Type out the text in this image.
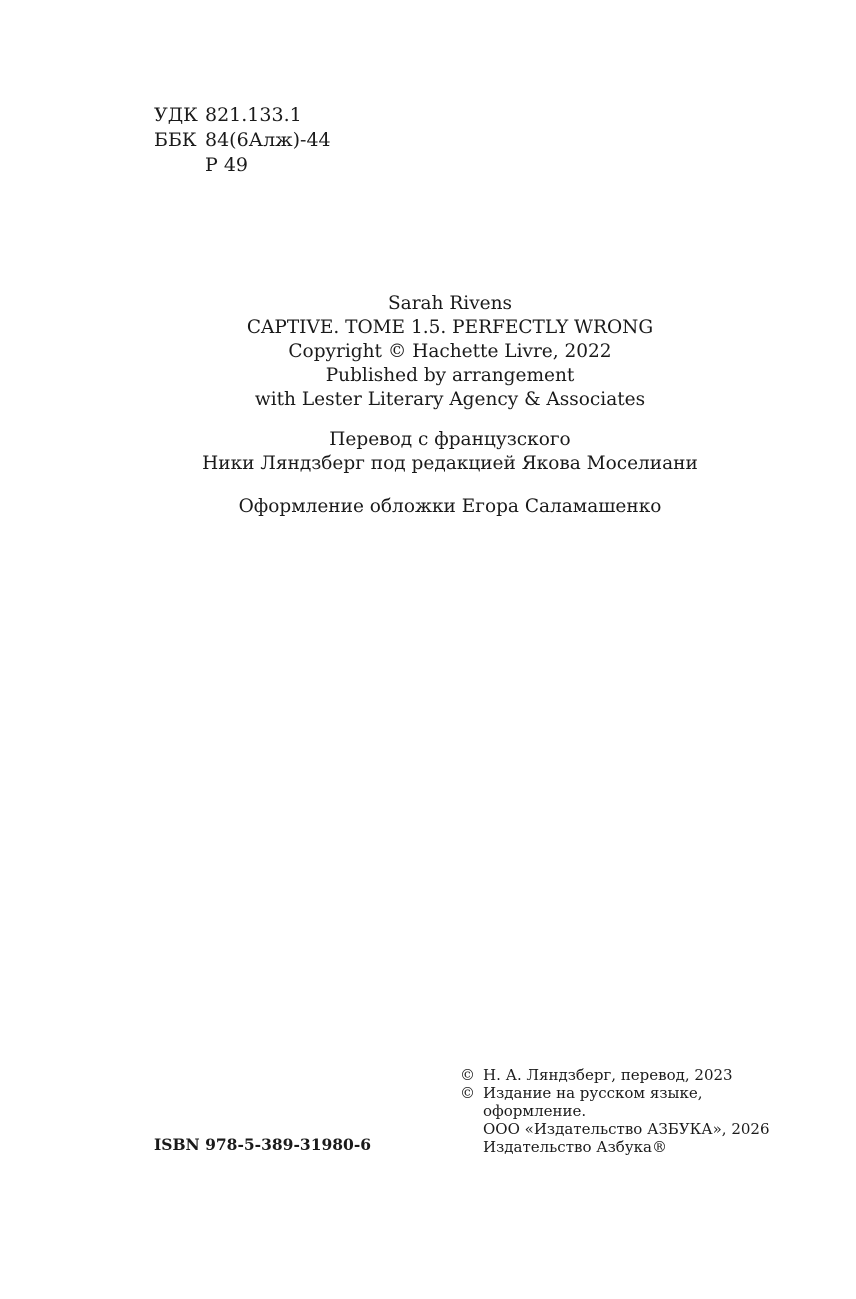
УДК 821.133.1
ББК 84(6Алж)-44
Р 49
Sarah Rivens
CAPTIVE. TOME 1.5. PERFECTLY WRONG
Copyright © Hachette Livre, 2022
Published by arrangement
with Lester Literary Agency & Associates
Перевод с французского
Ники Ляндзберг под редакцией Якова Моселиани
Оформление обложки Егора Саламашенко
© Н. А. Ляндзберг, перевод, 2023
© Издание на русском языке,
оформление.
ООО «Издательство АЗБУКА», 2026
Издательство Азбука®
ISBN 978-5-389-31980-6
